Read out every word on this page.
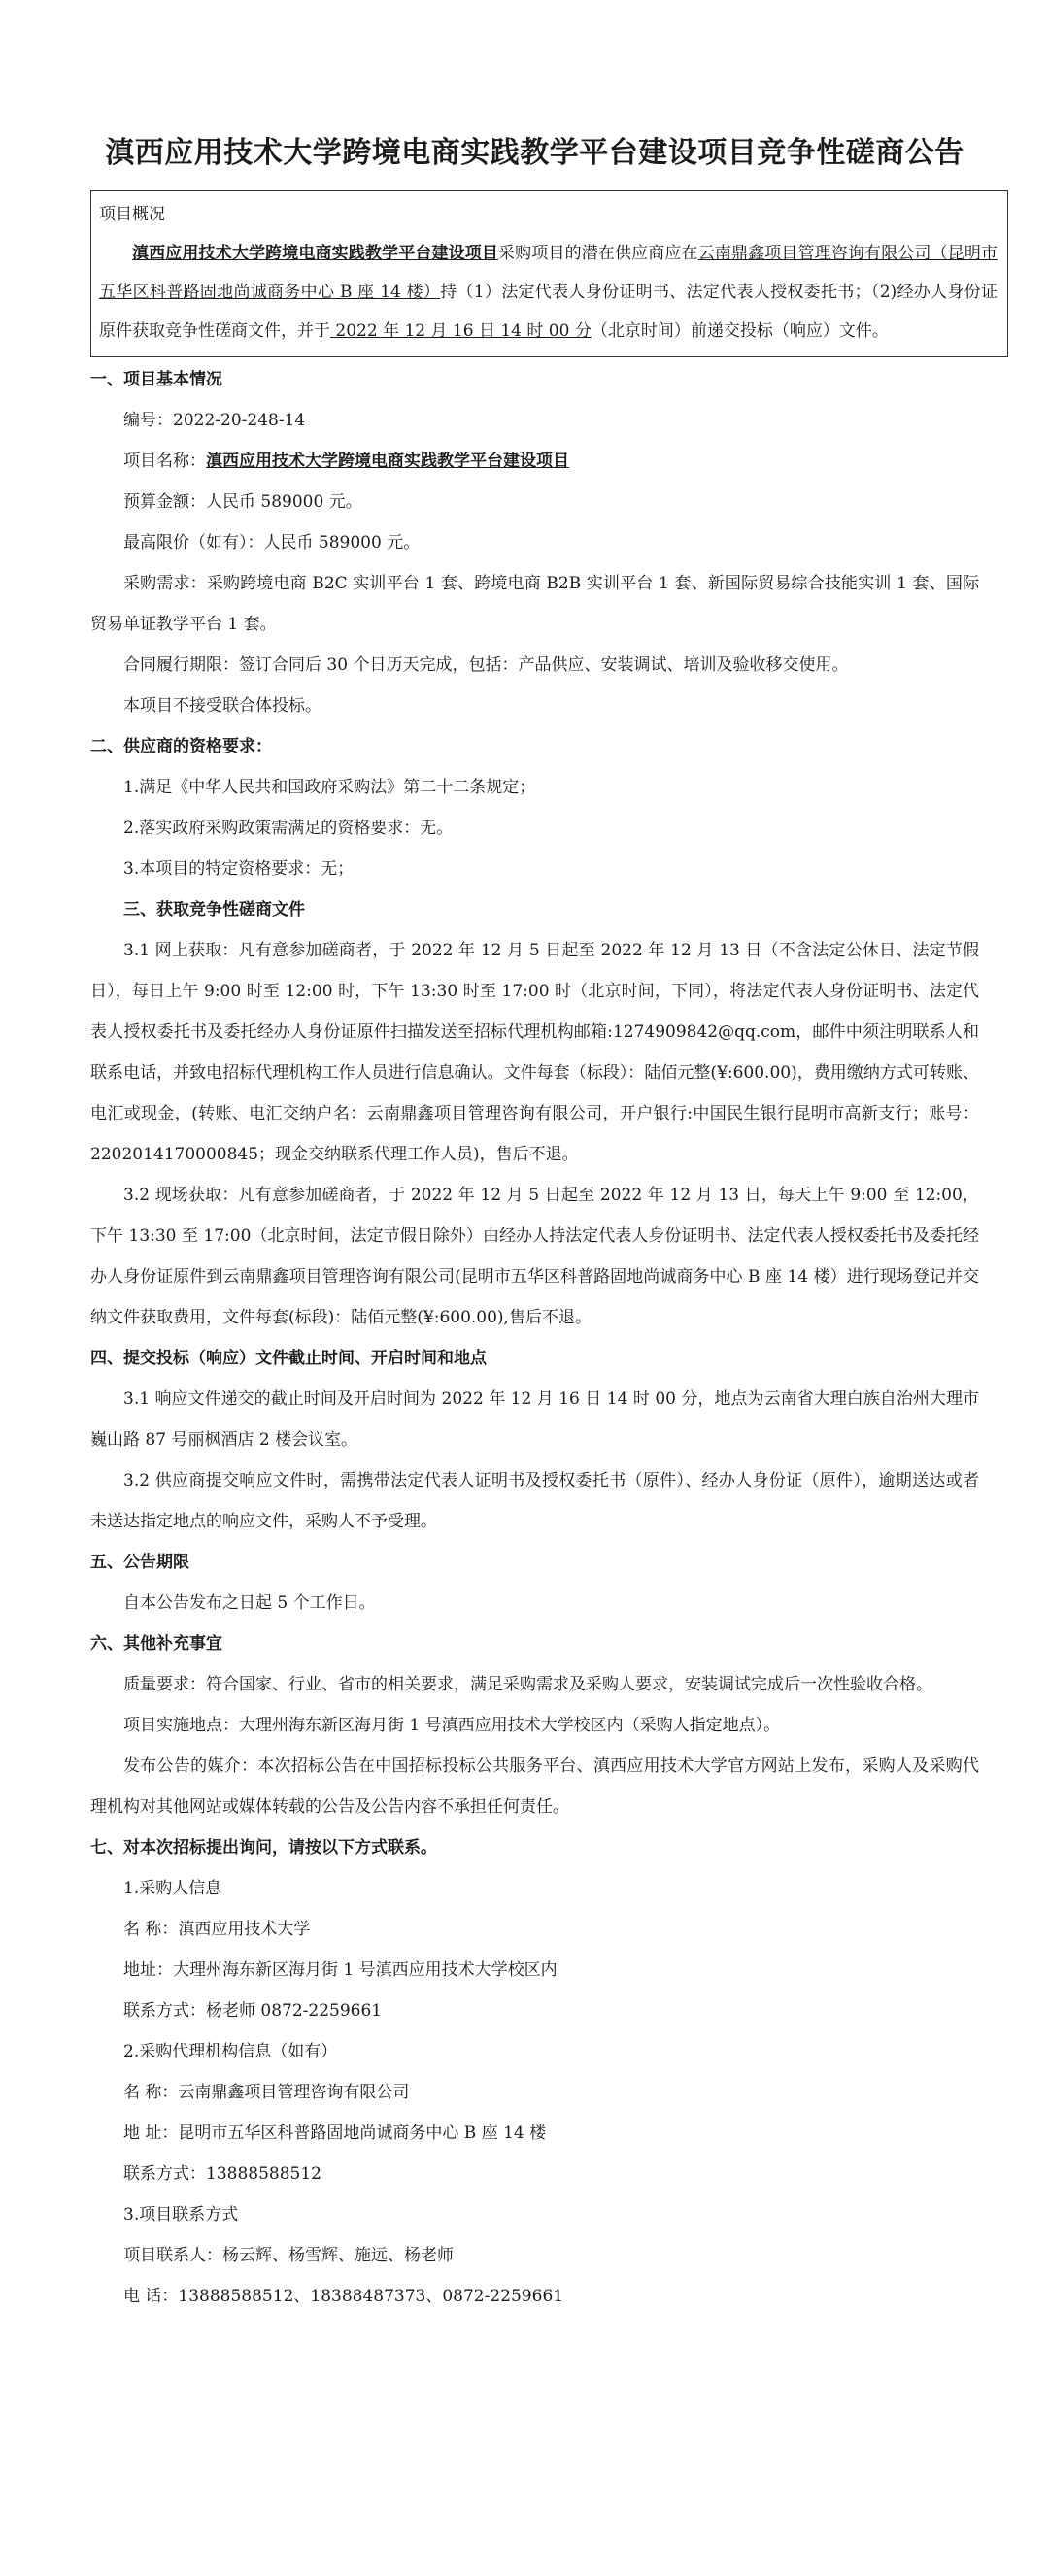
滇西应用技术大学跨境电商实践教学平台建设项目竞争性磋商公告

项目概况

滇西应用技术大学跨境电商实践教学平台建设项目采购项目的潜在供应商应在云南鼎鑫项目管理咨询有限公司（昆明市五华区科普路固地尚诚商务中心 B 座 14 楼）持（1）法定代表人身份证明书、法定代表人授权委托书；（2)经办人身份证原件获取竞争性磋商文件，并于 2022 年 12 月 16 日 14 时 00 分（北京时间）前递交投标（响应）文件。

一、项目基本情况

编号：2022-20-248-14

项目名称：滇西应用技术大学跨境电商实践教学平台建设项目

预算金额：人民币 589000 元。

最高限价（如有）：人民币 589000 元。

采购需求：采购跨境电商 B2C 实训平台 1 套、跨境电商 B2B 实训平台 1 套、新国际贸易综合技能实训 1 套、国际贸易单证教学平台 1 套。

合同履行期限：签订合同后 30 个日历天完成，包括：产品供应、安装调试、培训及验收移交使用。

本项目不接受联合体投标。

二、供应商的资格要求：

1.满足《中华人民共和国政府采购法》第二十二条规定；

2.落实政府采购政策需满足的资格要求：无。

3.本项目的特定资格要求：无；

三、获取竞争性磋商文件

3.1 网上获取：凡有意参加磋商者，于 2022 年 12 月 5 日起至 2022 年 12 月 13 日（不含法定公休日、法定节假日），每日上午 9:00 时至 12:00 时，下午 13:30 时至 17:00 时（北京时间，下同），将法定代表人身份证明书、法定代表人授权委托书及委托经办人身份证原件扫描发送至招标代理机构邮箱:1274909842@qq.com，邮件中须注明联系人和联系电话，并致电招标代理机构工作人员进行信息确认。文件每套（标段）：陆佰元整(¥:600.00)，费用缴纳方式可转账、电汇或现金，(转账、电汇交纳户名：云南鼎鑫项目管理咨询有限公司，开户银行:中国民生银行昆明市高新支行；账号：2202014170000845；现金交纳联系代理工作人员)，售后不退。

3.2 现场获取：凡有意参加磋商者，于 2022 年 12 月 5 日起至 2022 年 12 月 13 日，每天上午 9:00 至 12:00，下午 13:30 至 17:00（北京时间，法定节假日除外）由经办人持法定代表人身份证明书、法定代表人授权委托书及委托经办人身份证原件到云南鼎鑫项目管理咨询有限公司(昆明市五华区科普路固地尚诚商务中心 B 座 14 楼）进行现场登记并交纳文件获取费用，文件每套(标段)：陆佰元整(¥:600.00),售后不退。

四、提交投标（响应）文件截止时间、开启时间和地点

3.1 响应文件递交的截止时间及开启时间为 2022 年 12 月 16 日 14 时 00 分，地点为云南省大理白族自治州大理市巍山路 87 号丽枫酒店 2 楼会议室。

3.2 供应商提交响应文件时，需携带法定代表人证明书及授权委托书（原件）、经办人身份证（原件），逾期送达或者未送达指定地点的响应文件，采购人不予受理。

五、公告期限

自本公告发布之日起 5 个工作日。

六、其他补充事宜

质量要求：符合国家、行业、省市的相关要求，满足采购需求及采购人要求，安装调试完成后一次性验收合格。

项目实施地点：大理州海东新区海月街 1 号滇西应用技术大学校区内（采购人指定地点）。

发布公告的媒介：本次招标公告在中国招标投标公共服务平台、滇西应用技术大学官方网站上发布，采购人及采购代理机构对其他网站或媒体转载的公告及公告内容不承担任何责任。

七、对本次招标提出询问，请按以下方式联系。

1.采购人信息

名 称：滇西应用技术大学

地址：大理州海东新区海月街 1 号滇西应用技术大学校区内

联系方式：杨老师 0872-2259661

2.采购代理机构信息（如有）

名 称：云南鼎鑫项目管理咨询有限公司

地 址：昆明市五华区科普路固地尚诚商务中心 B 座 14 楼

联系方式：13888588512

3.项目联系方式

项目联系人：杨云辉、杨雪辉、施远、杨老师

电 话：13888588512、18388487373、0872-2259661
